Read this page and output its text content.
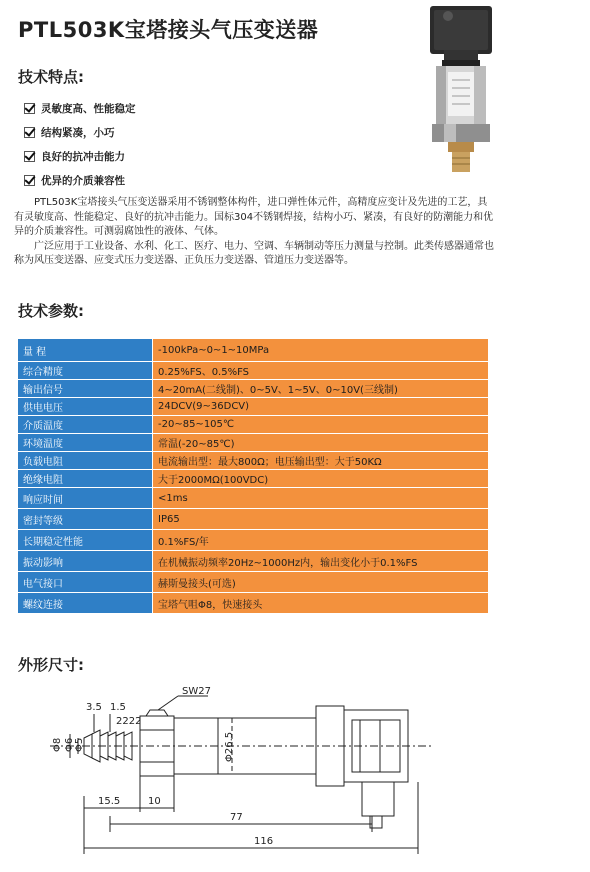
PTL503K宝塔接头气压变送器
技术特点:
灵敏度高、性能稳定
结构紧凑，小巧
良好的抗冲击能力
优异的介质兼容性

PTL503K宝塔接头气压变送器采用不锈钢整体构件，进口弹性体元件，高精度应变计及先进的工艺，具有灵敏度高、性能稳定、良好的抗冲击能力。国标304不锈钢焊接，结构小巧、紧凑，有良好的防潮能力和优异的介质兼容性。可测弱腐蚀性的液体、气体。

广泛应用于工业设备、水利、化工、医疗、电力、空调、车辆制动等压力测量与控制。此类传感器通常也称为风压变送器、应变式压力变送器、正负压力变送器、管道压力变送器等。

技术参数:
量 程	-100kPa~0~1~10MPa
综合精度	0.25%FS、0.5%FS
输出信号	4~20mA(二线制)、0~5V、1~5V、0~10V(三线制)
供电电压	24DCV(9~36DCV)
介质温度	-20~85~105℃
环境温度	常温(-20~85℃)
负载电阻	电流输出型：最大800Ω；电压输出型：大于50KΩ
绝缘电阻	大于2000MΩ(100VDC)
响应时间	<1ms
密封等级	IP65
长期稳定性能	0.1%FS/年
振动影响	在机械振动频率20Hz~1000Hz内，输出变化小于0.1%FS
电气接口	赫斯曼接头(可选)
螺纹连接	宝塔气咀Φ8，快速接头
外形尺寸:
SW27
3.5 1.5
2222
Φ8 Φ6 Φ5	Φ26.5
15.5	10
77
116
